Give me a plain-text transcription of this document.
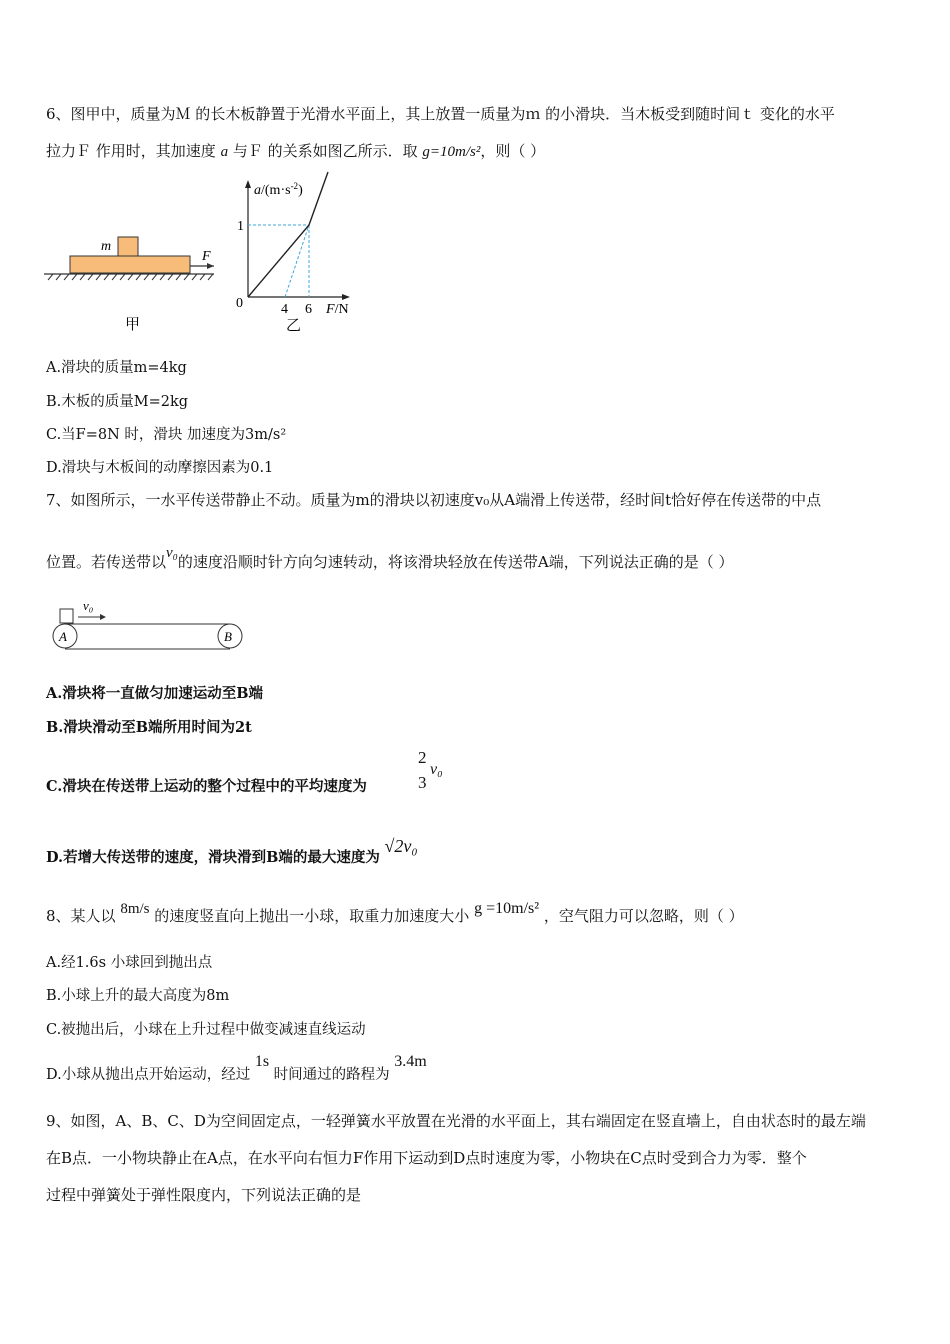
6、图甲中，质量为Ｍ 的长木板静置于光滑水平面上，其上放置一质量为ｍ 的小滑块．当木板受到随时间ｔ 变化的水平
拉力Ｆ 作用时，其加速度 a 与Ｆ 的关系如图乙所示．取 g=10m/s²，则（ ）
m
F
甲
$a/(m\cdot s^{-2})$
1
0	4 6 F/N
乙
A.滑块的质量m=4kg
B.木板的质量M=2kg
C.当F=8N 时，滑块 加速度为3m/s²
D.滑块与木板间的动摩擦因素为0.1
7、如图所示，一水平传送带静止不动。质量为m的滑块以初速度v₀从A端滑上传送带，经时间t恰好停在传送带的中点
位置。若传送带以v₀的速度沿顺时针方向匀速转动，将该滑块轻放在传送带A端，下列说法正确的是（ ）
v₀
A	B
A.滑块将一直做匀加速运动至B端
B.滑块滑动至B端所用时间为2t
C.滑块在传送带上运动的整个过程中的平均速度为
2
3
v₀
D.若增大传送带的速度，滑块滑到B端的最大速度为 √2v₀
8、某人以 8m/s 的速度竖直向上抛出一小球，取重力加速度大小 g =10m/s² ，空气阻力可以忽略，则（ ）
A.经1.6s 小球回到抛出点
B.小球上升的最大高度为8m
C.被抛出后，小球在上升过程中做变减速直线运动
D.小球从抛出点开始运动，经过 1s 时间通过的路程为 3.4m
9、如图，A、B、C、D为空间固定点，一轻弹簧水平放置在光滑的水平面上，其右端固定在竖直墙上，自由状态时的最左端
在B点．一小物块静止在A点，在水平向右恒力F作用下运动到D点时速度为零，小物块在C点时受到合力为零．整个
过程中弹簧处于弹性限度内，下列说法正确的是
